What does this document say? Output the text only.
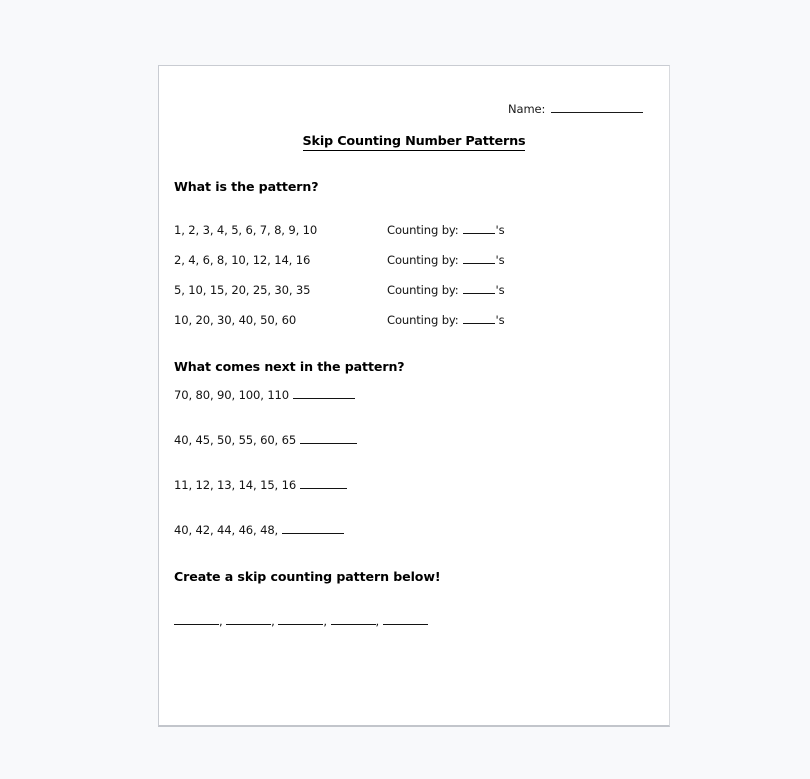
Name:
Skip Counting Number Patterns
What is the pattern?
1, 2, 3, 4, 5, 6, 7, 8, 9, 10	Counting by:	's
2, 4, 6, 8, 10, 12, 14, 16	Counting by:	's
5, 10, 15, 20, 25, 30, 35	Counting by:	's
10, 20, 30, 40, 50, 60	Counting by:	's
What comes next in the pattern?
70, 80, 90, 100, 110
40, 45, 50, 55, 60, 65
11, 12, 13, 14, 15, 16
40, 42, 44, 46, 48,
Create a skip counting pattern below!
,	,	,	,
